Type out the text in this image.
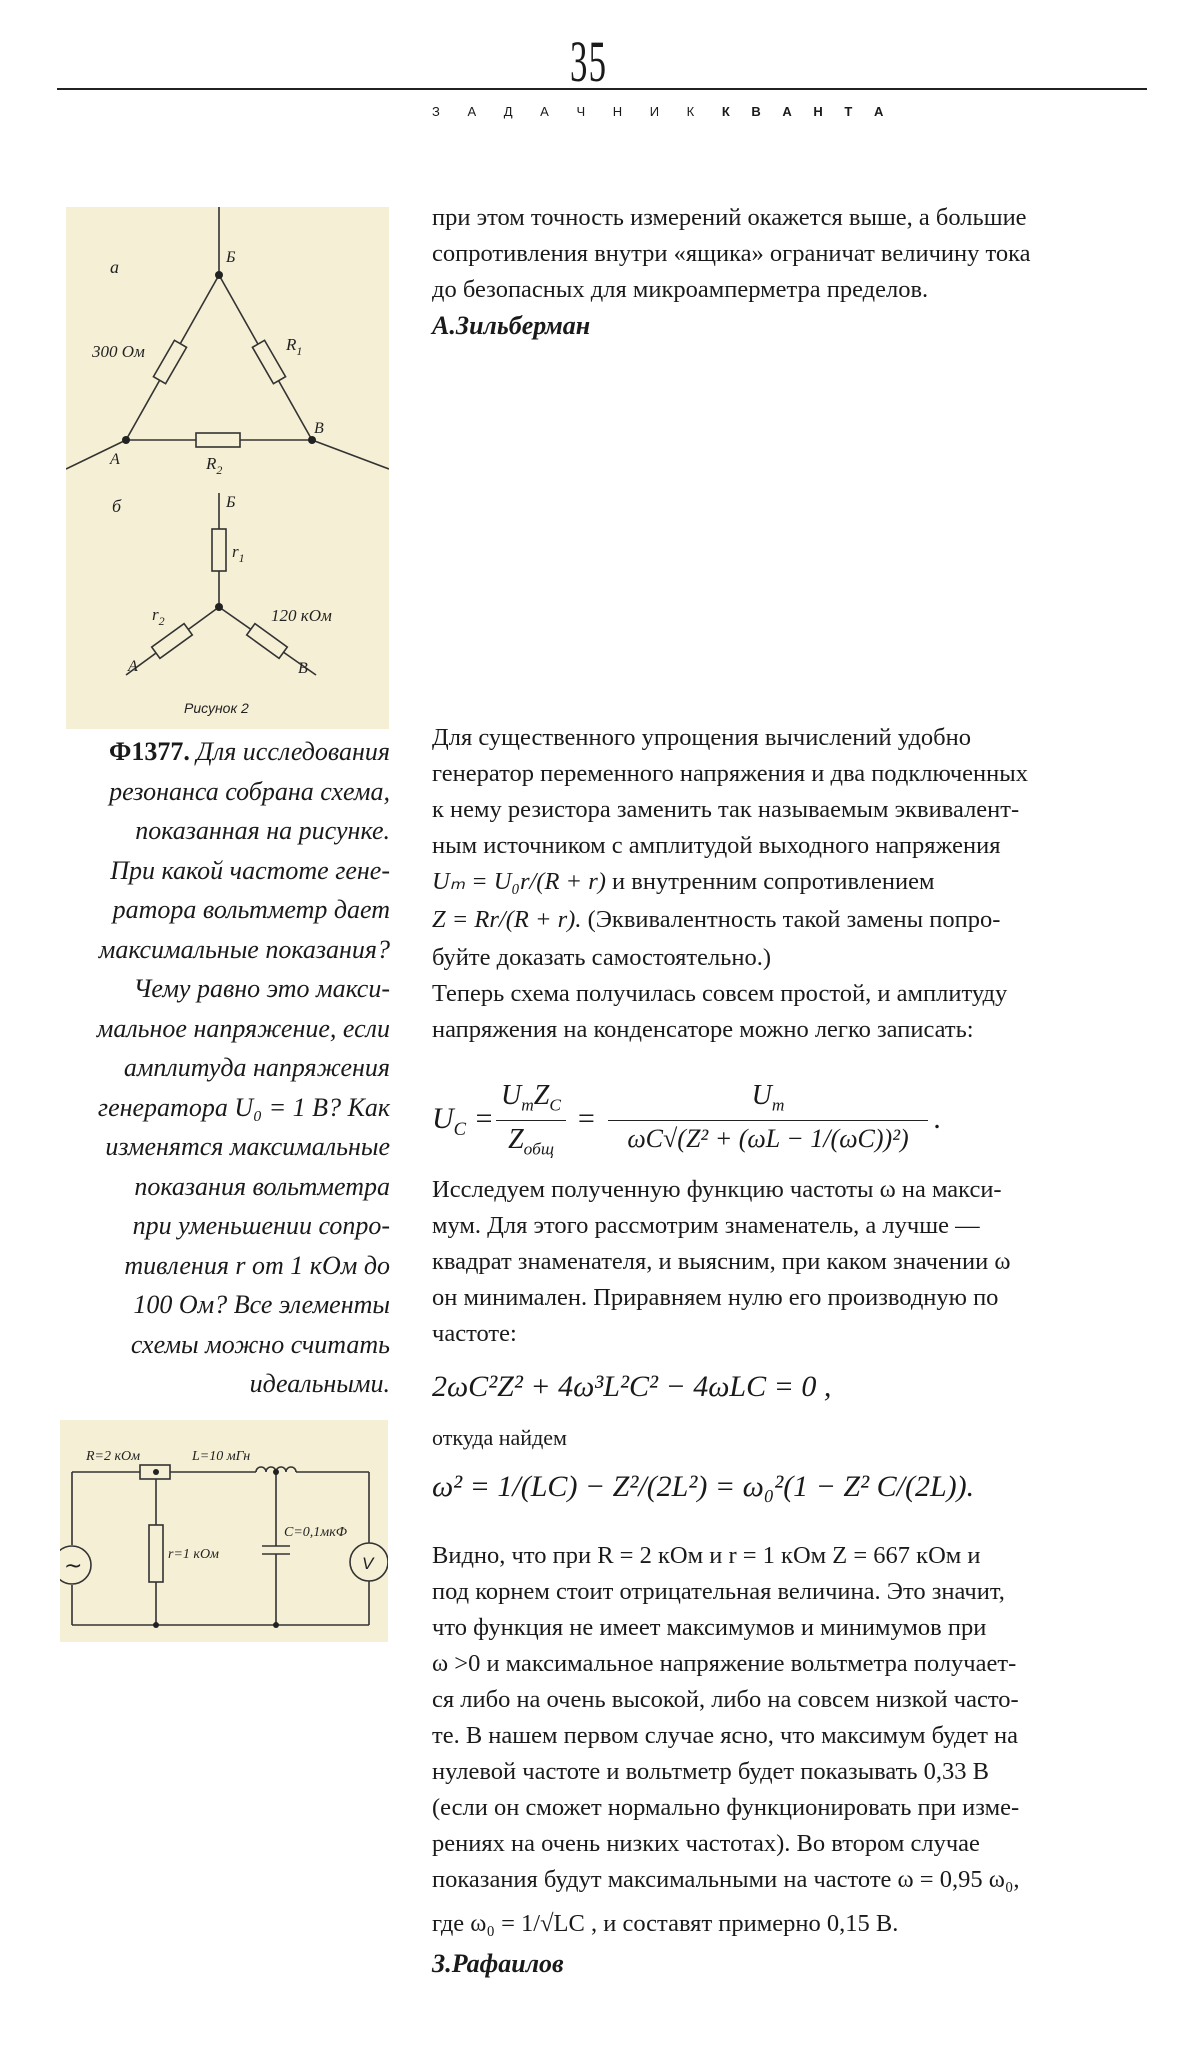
35
З А Д А Ч Н И К К В А Н Т А
а
300 Ом	$R_1$
Б
В
А	$R_2$
б	Б
$r_1$
$r_2$	120 кОм
А	В
Рисунок 2
Ф1377. Для исследования
резонанса собрана схема,
показанная на рисунке.
При какой частоте гене-
ратора вольтметр дает
максимальные показания?
Чему равно это макси-
мальное напряжение, если
амплитуда напряжения
генератора U₀ = 1 В? Как
изменятся максимальные
показания вольтметра
при уменьшении сопро-
тивления r от 1 кОм до
100 Ом? Все элементы
схемы можно считать
идеальными.
~	V
R=2 кОм	L=10 мГн
r=1 кОм
C=0,1мкФ

при этом точность измерений окажется выше, а большие

сопротивления внутри «ящика» ограничат величину тока

до безопасных для микроамперметра пределов.

А.Зильберман

Для существенного упрощения вычислений удобно

генератор переменного напряжения и два подключенных

к нему резистора заменить так называемым эквивалент-

ным источником с амплитудой выходного напряжения

Uₘ = U₀r/(R + r) и внутренним сопротивлением

Z = Rr/(R + r). (Эквивалентность такой замены попро-

буйте доказать самостоятельно.)

Теперь схема получилась совсем простой, и амплитуду

напряжения на конденсаторе можно легко записать:

$U_C$ =
$U_mZ_C$
$Z_{общ}$
=
$U_m$
ωC√(Z² + (ωL − 1/(ωC))²)
.

Исследуем полученную функцию частоты ω на макси-

мум. Для этого рассмотрим знаменатель, а лучше —

квадрат знаменателя, и выясним, при каком значении ω

он минимален. Приравняем нулю его производную по

частоте:

2ωC²Z² + 4ω³L²C² − 4ωLC = 0 ,
откуда найдем
ω² = 1/(LC) − Z²/(2L²) = ω₀²(1 − Z² C/(2L)).

Видно, что при R = 2 кОм и r = 1 кОм Z = 667 кОм и

под корнем стоит отрицательная величина. Это значит,

что функция не имеет максимумов и минимумов при

ω >0 и максимальное напряжение вольтметра получает-

ся либо на очень высокой, либо на совсем низкой часто-

те. В нашем первом случае ясно, что максимум будет на

нулевой частоте и вольтметр будет показывать 0,33 В

(если он сможет нормально функционировать при изме-

рениях на очень низких частотах). Во втором случае

показания будут максимальными на частоте ω = 0,95 ω₀,

где ω₀ = 1/√LC , и составят примерно 0,15 В.

З.Рафаилов
